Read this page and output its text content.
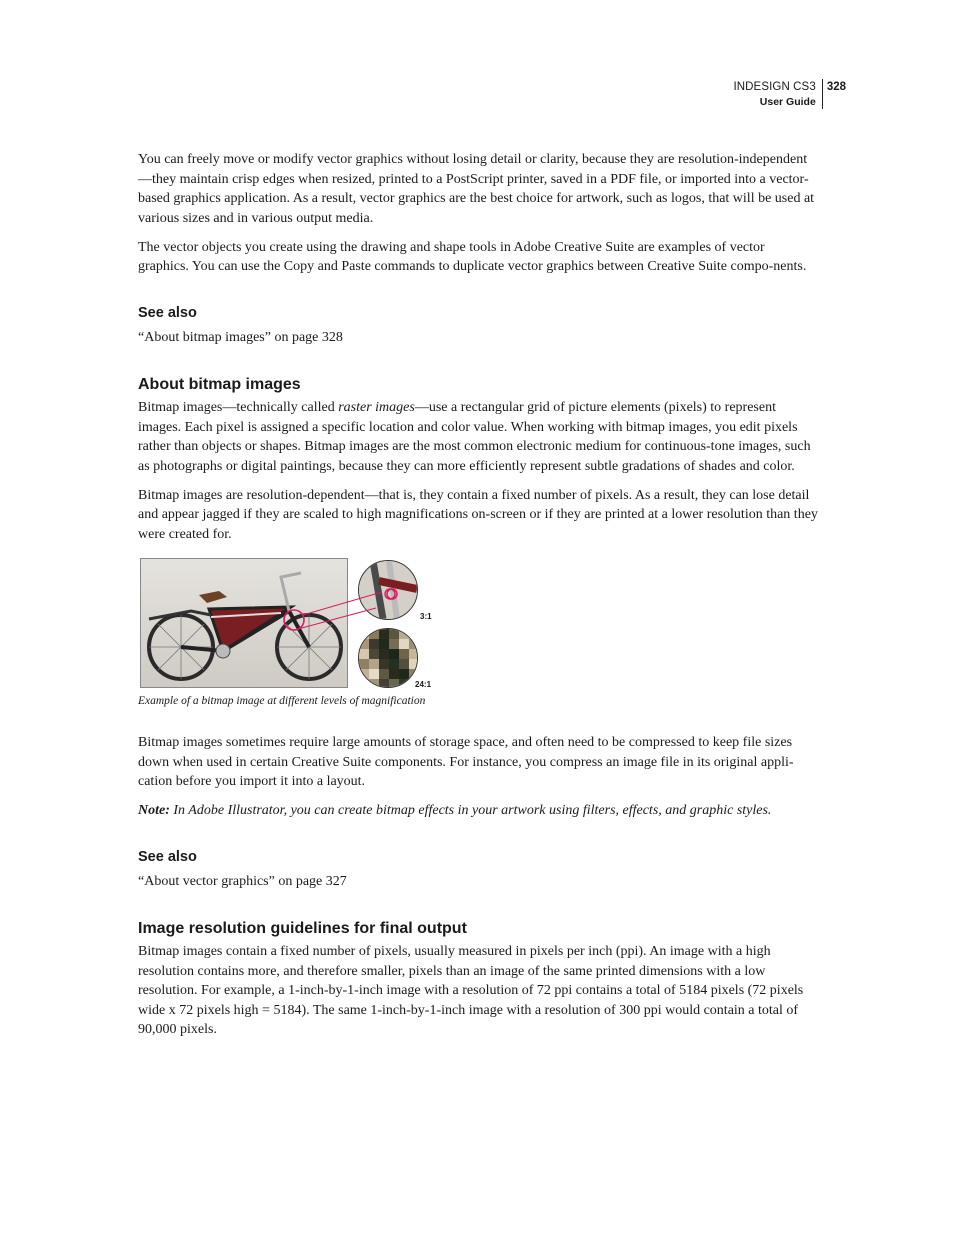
INDESIGN CS3
User Guide
328

You can freely move or modify vector graphics without losing detail or clarity, because they are resolution-independent—they maintain crisp edges when resized, printed to a PostScript printer, saved in a PDF file, or imported into a vector-based graphics application. As a result, vector graphics are the best choice for artwork, such as logos, that will be used at various sizes and in various output media.

The vector objects you create using the drawing and shape tools in Adobe Creative Suite are examples of vector graphics. You can use the Copy and Paste commands to duplicate vector graphics between Creative Suite compo-nents.

See also

“About bitmap images” on page 328

About bitmap images

Bitmap images—technically called raster images—use a rectangular grid of picture elements (pixels) to represent images. Each pixel is assigned a specific location and color value. When working with bitmap images, you edit pixels rather than objects or shapes. Bitmap images are the most common electronic medium for continuous-tone images, such as photographs or digital paintings, because they can more efficiently represent subtle gradations of shades and color.

Bitmap images are resolution-dependent—that is, they contain a fixed number of pixels. As a result, they can lose detail and appear jagged if they are scaled to high magnifications on-screen or if they are printed at a lower resolution than they were created for.

3:1
24:1
Example of a bitmap image at different levels of magnification

Bitmap images sometimes require large amounts of storage space, and often need to be compressed to keep file sizes down when used in certain Creative Suite components. For instance, you compress an image file in its original appli-cation before you import it into a layout.

Note: In Adobe Illustrator, you can create bitmap effects in your artwork using filters, effects, and graphic styles.

See also

“About vector graphics” on page 327

Image resolution guidelines for final output

Bitmap images contain a fixed number of pixels, usually measured in pixels per inch (ppi). An image with a high resolution contains more, and therefore smaller, pixels than an image of the same printed dimensions with a low resolution. For example, a 1-inch-by-1-inch image with a resolution of 72 ppi contains a total of 5184 pixels (72 pixels wide x 72 pixels high = 5184). The same 1-inch-by-1-inch image with a resolution of 300 ppi would contain a total of 90,000 pixels.
